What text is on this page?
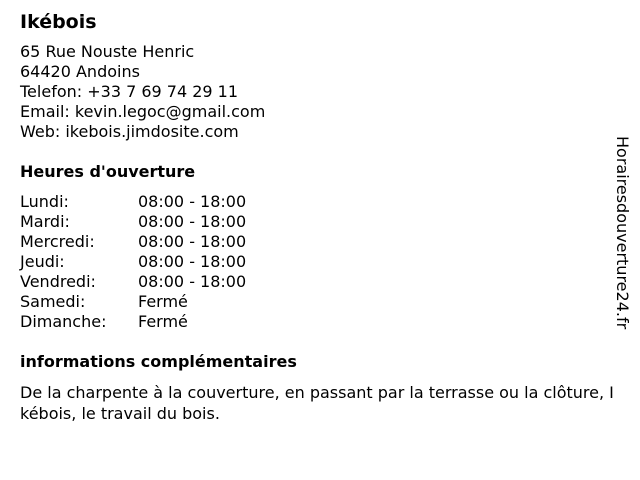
Ikébois
65 Rue Nouste Henric
64420 Andoins
Telefon: +33 7 69 74 29 11
Email: kevin.legoc@gmail.com
Web: ikebois.jimdosite.com
Heures d'ouverture
Lundi:	08:00 - 18:00
Mardi:	08:00 - 18:00
Mercredi:	08:00 - 18:00
Jeudi:	08:00 - 18:00
Vendredi:	08:00 - 18:00
Samedi:	Fermé
Dimanche:	Fermé
informations complémentaires
De la charpente à la couverture, en passant par la terrasse ou la clôture, Ikébois, le travail du bois.
Horairesdouverture24.fr
